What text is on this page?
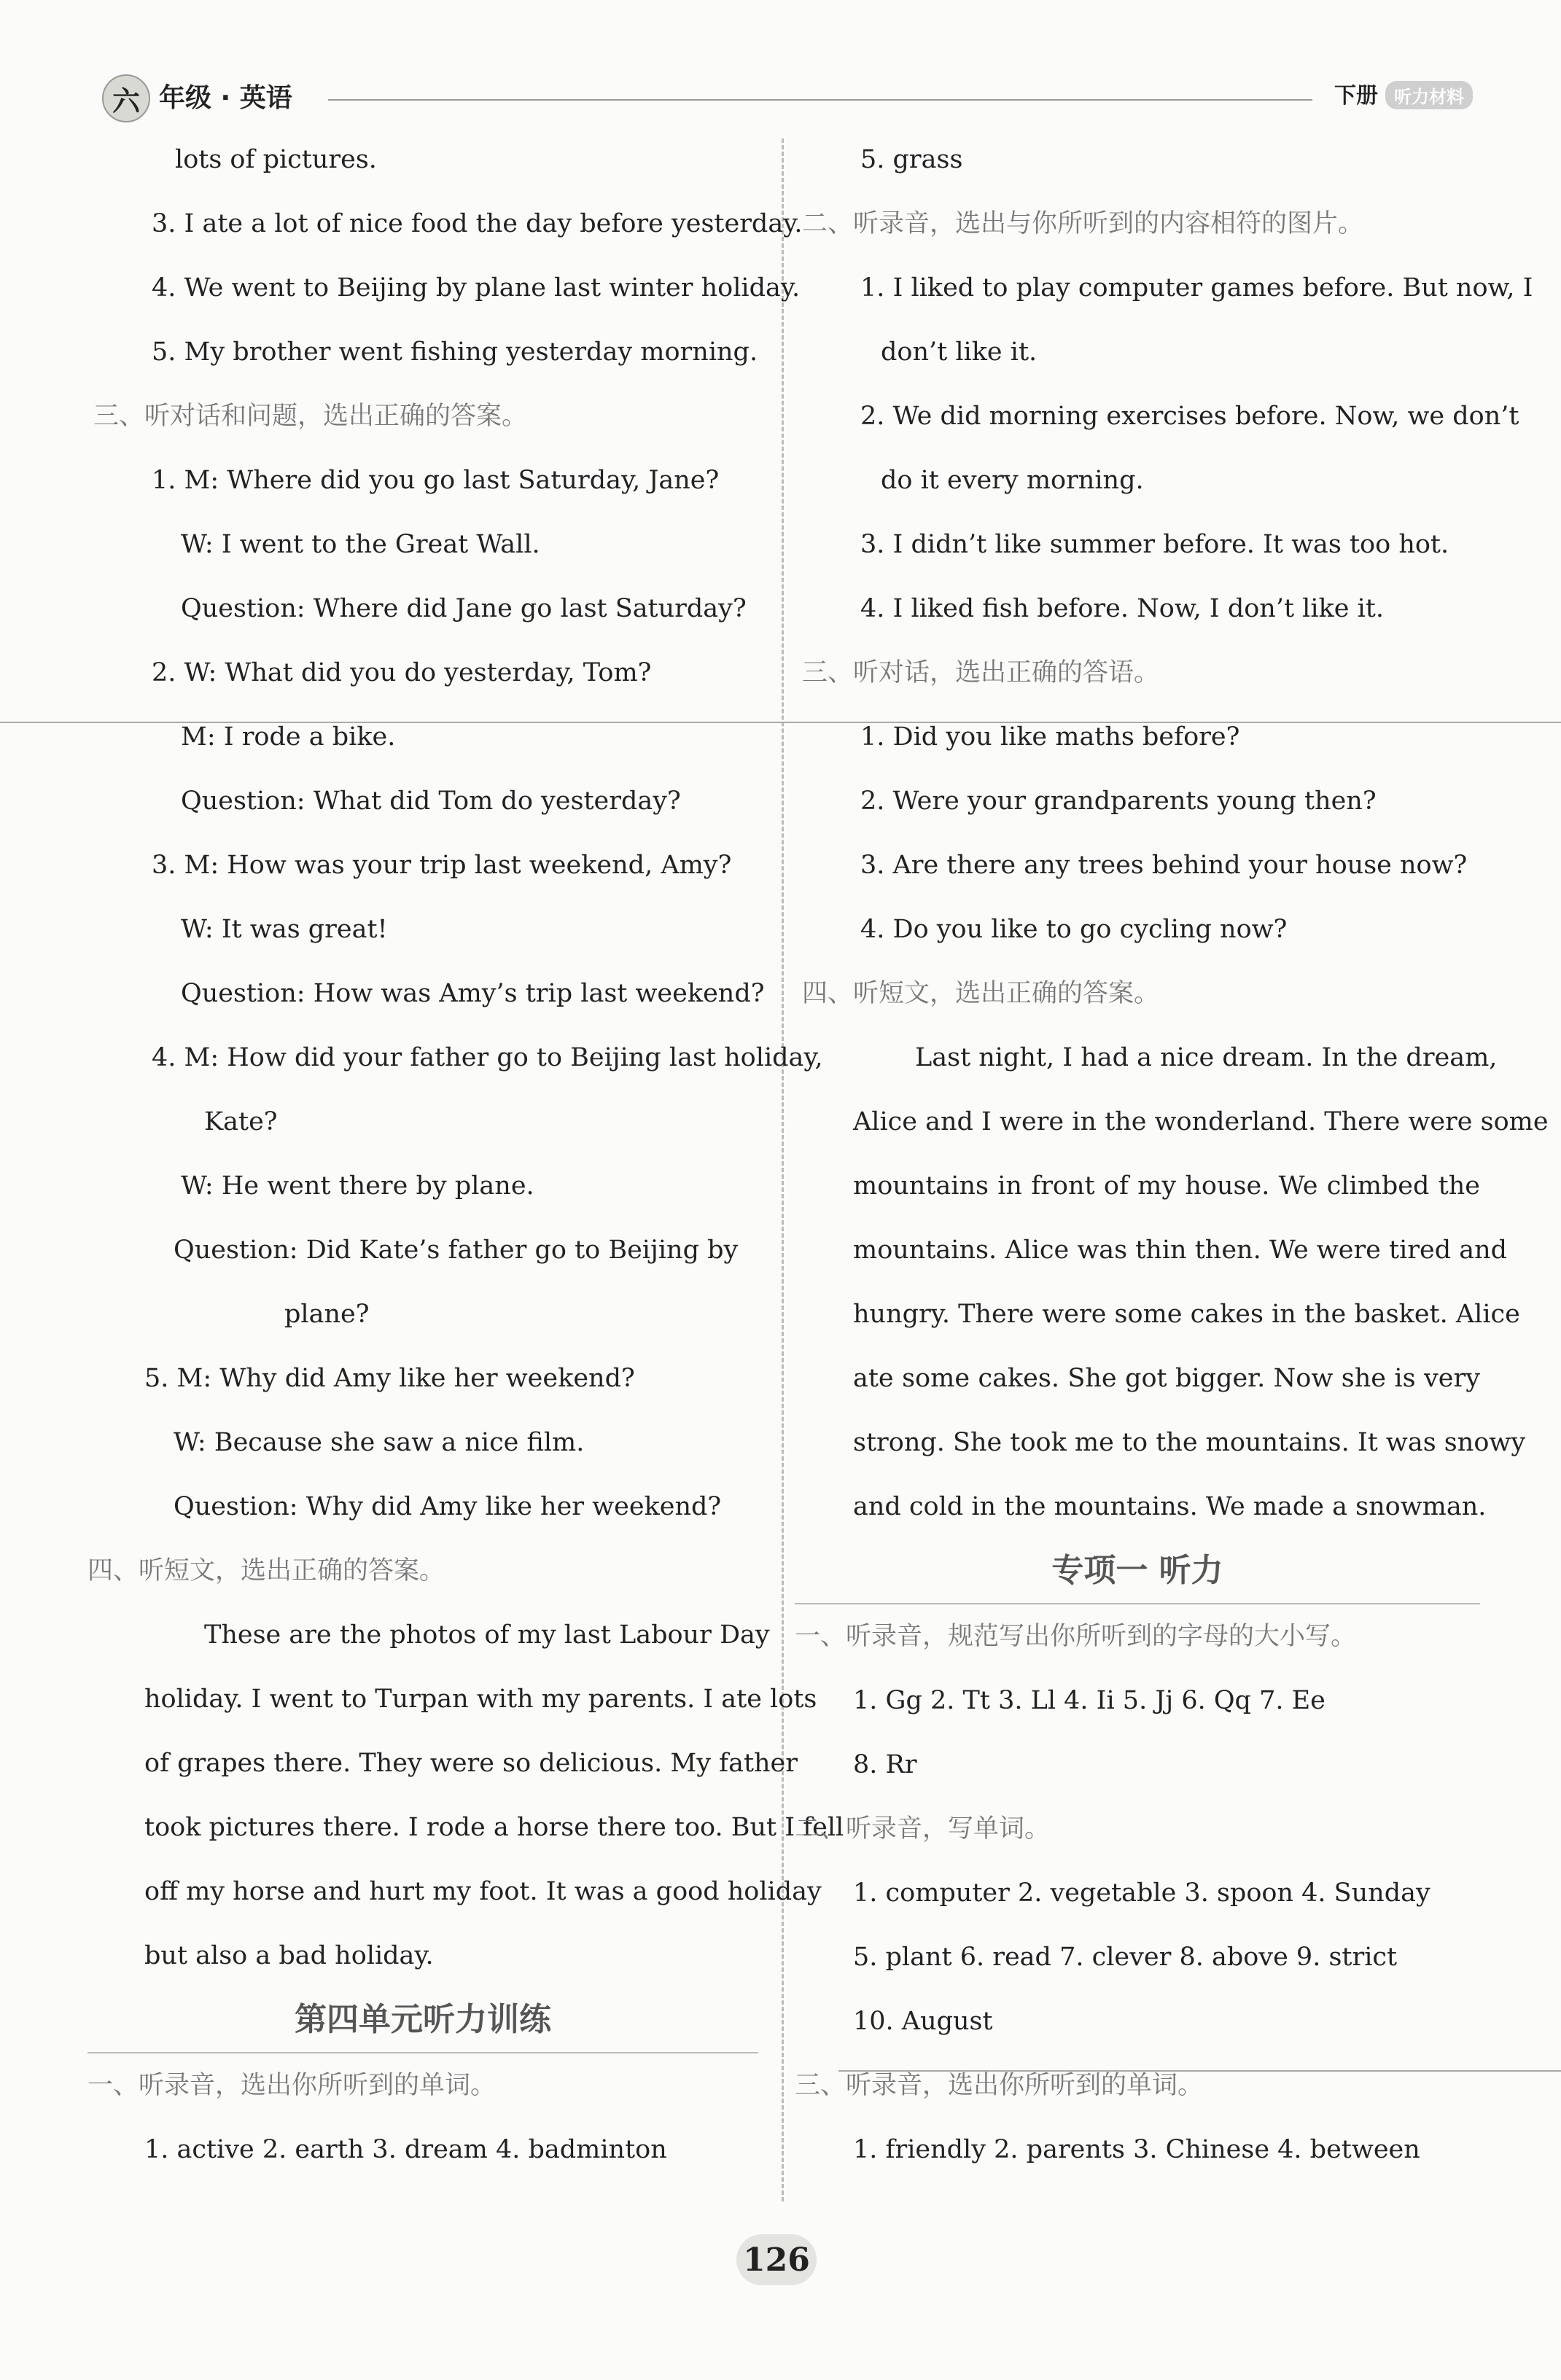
六 年级 · 英语	下册 听力材料
lots of pictures.
3. I ate a lot of nice food the day before yesterday.
4. We went to Beijing by plane last winter holiday.
5. My brother went fishing yesterday morning.
三、听对话和问题，选出正确的答案。
1. M: Where did you go last Saturday, Jane?
W: I went to the Great Wall.
Question: Where did Jane go last Saturday?
2. W: What did you do yesterday, Tom?
M: I rode a bike.
Question: What did Tom do yesterday?
3. M: How was your trip last weekend, Amy?
W: It was great!
Question: How was Amy’s trip last weekend?
4. M: How did your father go to Beijing last holiday,
Kate?
W: He went there by plane.
Question: Did Kate’s father go to Beijing by
plane?
5. M: Why did Amy like her weekend?
W: Because she saw a nice film.
Question: Why did Amy like her weekend?
四、听短文，选出正确的答案。
These are the photos of my last Labour Day
holiday. I went to Turpan with my parents. I ate lots
of grapes there. They were so delicious. My father
took pictures there. I rode a horse there too. But I fell
off my horse and hurt my foot. It was a good holiday
but also a bad holiday.
第四单元听力训练
一、听录音，选出你所听到的单词。
1. active 2. earth 3. dream 4. badminton
5. grass
二、听录音，选出与你所听到的内容相符的图片。
1. I liked to play computer games before. But now, I
don’t like it.
2. We did morning exercises before. Now, we don’t
do it every morning.
3. I didn’t like summer before. It was too hot.
4. I liked fish before. Now, I don’t like it.
三、听对话，选出正确的答语。
1. Did you like maths before?
2. Were your grandparents young then?
3. Are there any trees behind your house now?
4. Do you like to go cycling now?
四、听短文，选出正确的答案。
Last night, I had a nice dream. In the dream,
Alice and I were in the wonderland. There were some
mountains in front of my house. We climbed the
mountains. Alice was thin then. We were tired and
hungry. There were some cakes in the basket. Alice
ate some cakes. She got bigger. Now she is very
strong. She took me to the mountains. It was snowy
and cold in the mountains. We made a snowman.
专项一 听力
一、听录音，规范写出你所听到的字母的大小写。
1. Gg 2. Tt 3. Ll 4. Ii 5. Jj 6. Qq 7. Ee
8. Rr
二、听录音，写单词。
1. computer 2. vegetable 3. spoon 4. Sunday
5. plant 6. read 7. clever 8. above 9. strict
10. August
三、听录音，选出你所听到的单词。
1. friendly 2. parents 3. Chinese 4. between
126
